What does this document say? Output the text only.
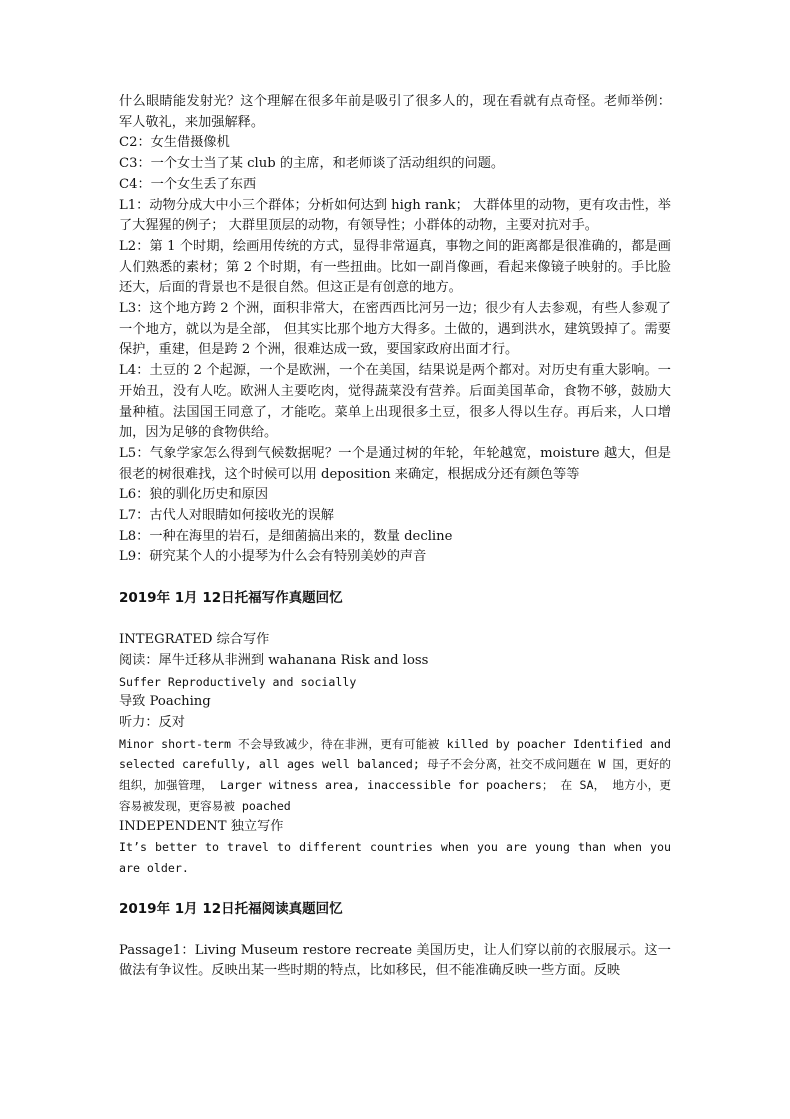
什么眼睛能发射光？这个理解在很多年前是吸引了很多人的，现在看就有点奇怪。老师举例：军人敬礼，来加强解释。

C2：女生借摄像机

C3：一个女士当了某 club 的主席，和老师谈了活动组织的问题。

C4：一个女生丢了东西

L1：动物分成大中小三个群体；分析如何达到 high rank； 大群体里的动物，更有攻击性，举了大猩猩的例子； 大群里顶层的动物，有领导性；小群体的动物，主要对抗对手。

L2：第 1 个时期，绘画用传统的方式，显得非常逼真，事物之间的距离都是很准确的，都是画人们熟悉的素材；第 2 个时期，有一些扭曲。比如一副肖像画，看起来像镜子映射的。手比脸还大，后面的背景也不是很自然。但这正是有创意的地方。

L3：这个地方跨 2 个洲，面积非常大，在密西西比河另一边；很少有人去参观，有些人参观了一个地方，就以为是全部， 但其实比那个地方大得多。土做的，遇到洪水，建筑毁掉了。需要保护，重建，但是跨 2 个洲，很难达成一致，要国家政府出面才行。

L4：土豆的 2 个起源，一个是欧洲，一个在美国，结果说是两个都对。对历史有重大影响。一开始丑，没有人吃。欧洲人主要吃肉，觉得蔬菜没有营养。后面美国革命，食物不够，鼓励大量种植。法国国王同意了，才能吃。菜单上出现很多土豆，很多人得以生存。再后来，人口增加，因为足够的食物供给。

L5：气象学家怎么得到气候数据呢？一个是通过树的年轮，年轮越宽，moisture 越大，但是很老的树很难找，这个时候可以用 deposition 来确定，根据成分还有颜色等等

L6：狼的驯化历史和原因

L7：古代人对眼睛如何接收光的误解

L8：一种在海里的岩石，是细菌搞出来的，数量 decline

L9：研究某个人的小提琴为什么会有特别美妙的声音

2019年 1月 12日托福写作真题回忆

INTEGRATED 综合写作

阅读：犀牛迁移从非洲到 wahanana Risk and loss

Suffer Reproductively and socially

导致 Poaching

听力：反对

Minor short-term 不会导致减少，待在非洲，更有可能被 killed by poacher Identified and selected carefully, all ages well balanced; 母子不会分离，社交不成问题在 W 国，更好的组织，加强管理， Larger witness area, inaccessible for poachers； 在 SA， 地方小，更容易被发现，更容易被 poached

INDEPENDENT 独立写作

It’s better to travel to different countries when you are young than when you are older.

2019年 1月 12日托福阅读真题回忆

Passage1：Living Museum restore recreate 美国历史，让人们穿以前的衣服展示。这一做法有争议性。反映出某一些时期的特点，比如移民，但不能准确反映一些方面。反映
